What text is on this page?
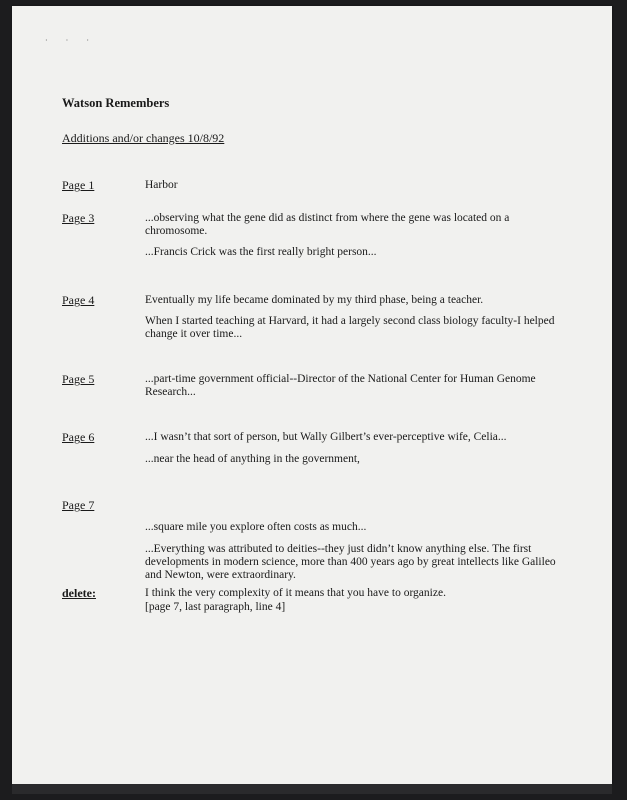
· · ·
Watson Remembers
Additions and/or changes 10/8/92
Page 1	Harbor
Page 3	...observing what the gene did as distinct from where the gene was located on a chromosome.
...Francis Crick was the first really bright person...
Page 4	Eventually my life became dominated by my third phase, being a teacher.
When I started teaching at Harvard, it had a largely second class biology faculty-I helped change it over time...
Page 5	...part-time government official--Director of the National Center for Human Genome Research...
Page 6	...I wasn’t that sort of person, but Wally Gilbert’s ever-perceptive wife, Celia...
...near the head of anything in the government,
Page 7
...square mile you explore often costs as much...
...Everything was attributed to deities--they just didn’t know anything else. The first developments in modern science, more than 400 years ago by great intellects like Galileo and Newton, were extraordinary.
delete:	I think the very complexity of it means that you have to organize.
[page 7, last paragraph, line 4]
